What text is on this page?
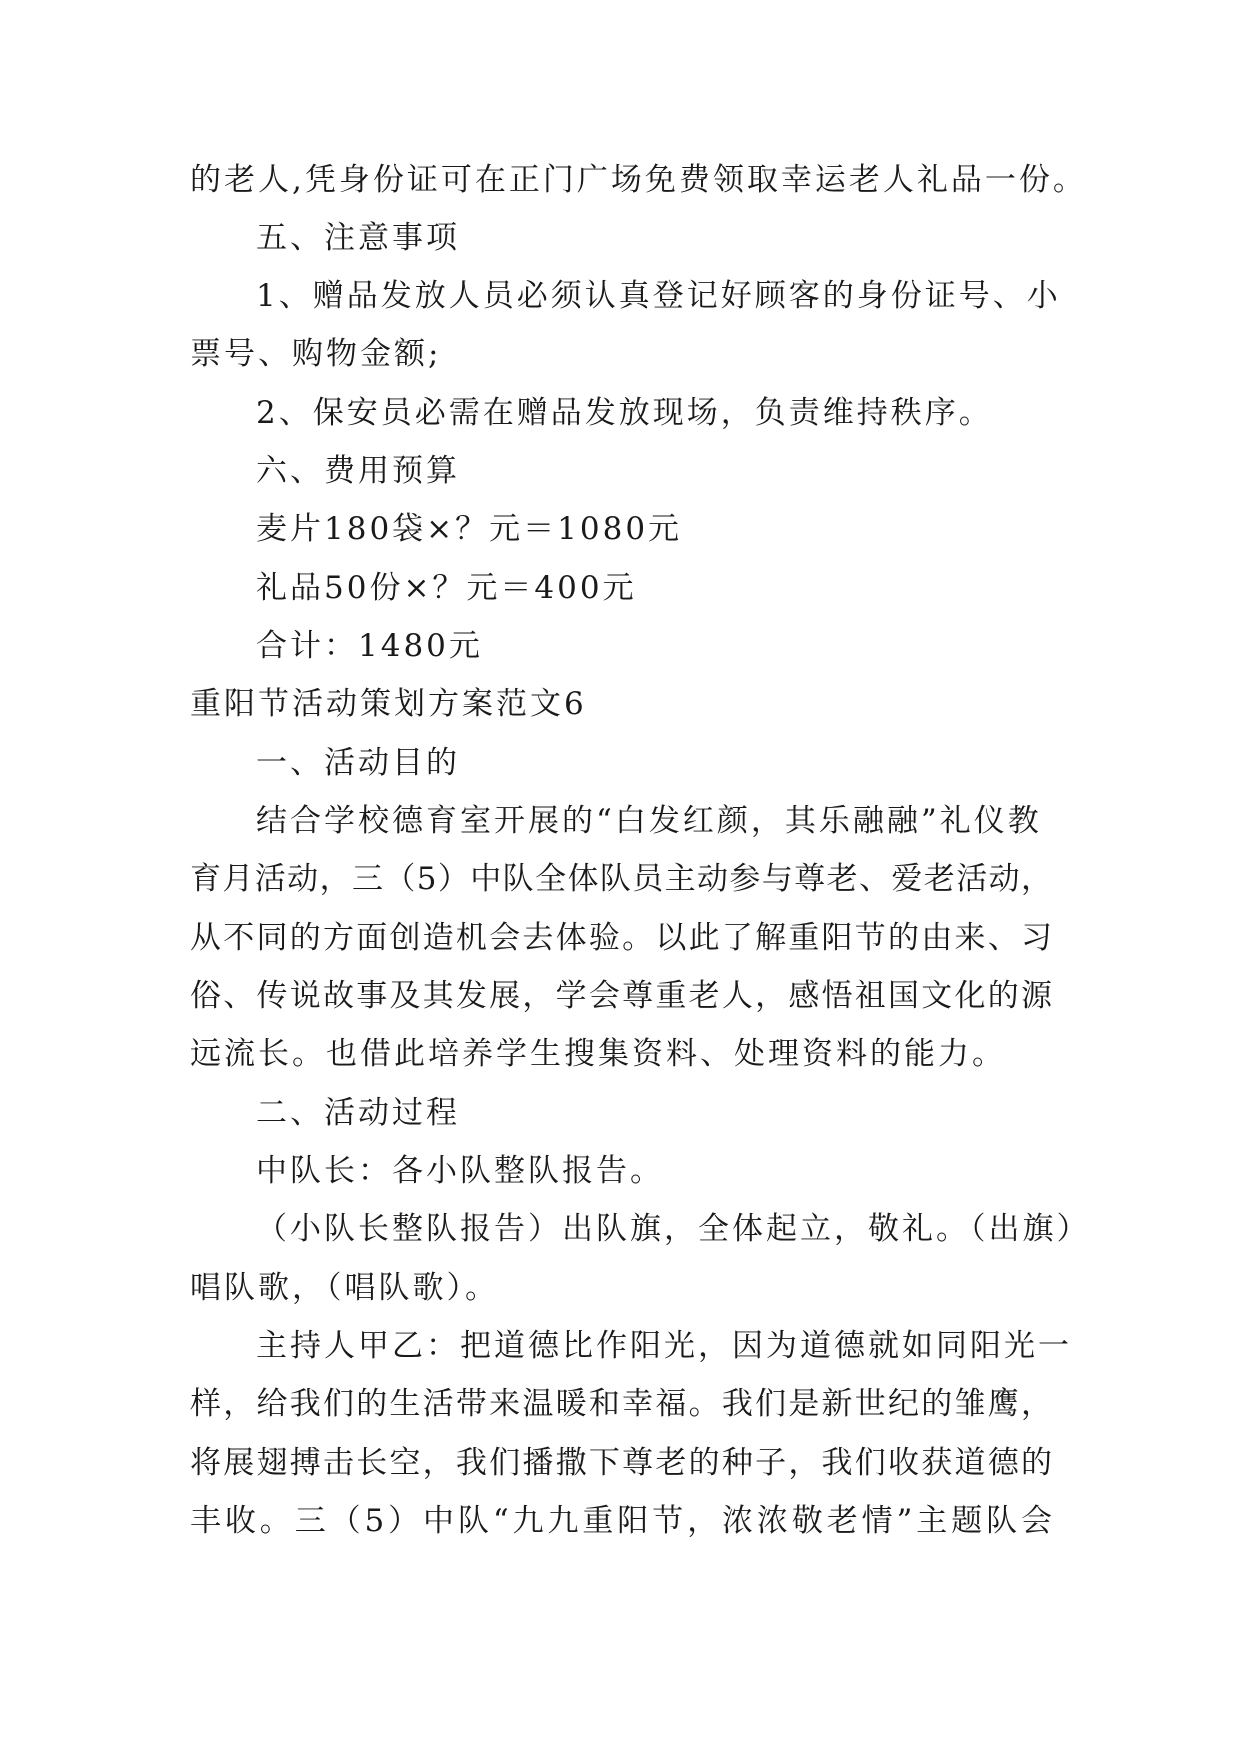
的老人,凭身份证可在正门广场免费领取幸运老人礼品一份。
五、注意事项
1、赠品发放人员必须认真登记好顾客的身份证号、小
票号、购物金额;
2、保安员必需在赠品发放现场，负责维持秩序。
六、费用预算
麦片180袋×？元＝1080元
礼品50份×？元＝400元
合计：1480元
重阳节活动策划方案范文6
一、活动目的
结合学校德育室开展的“白发红颜，其乐融融”礼仪教
育月活动，三（5）中队全体队员主动参与尊老、爱老活动，
从不同的方面创造机会去体验。以此了解重阳节的由来、习
俗、传说故事及其发展，学会尊重老人，感悟祖国文化的源
远流长。也借此培养学生搜集资料、处理资料的能力。
二、活动过程
中队长：各小队整队报告。
（小队长整队报告）出队旗，全体起立，敬礼。（出旗）
唱队歌，（唱队歌）。
主持人甲乙：把道德比作阳光，因为道德就如同阳光一
样，给我们的生活带来温暖和幸福。我们是新世纪的雏鹰，
将展翅搏击长空，我们播撒下尊老的种子，我们收获道德的
丰收。三（5）中队“九九重阳节，浓浓敬老情”主题队会
